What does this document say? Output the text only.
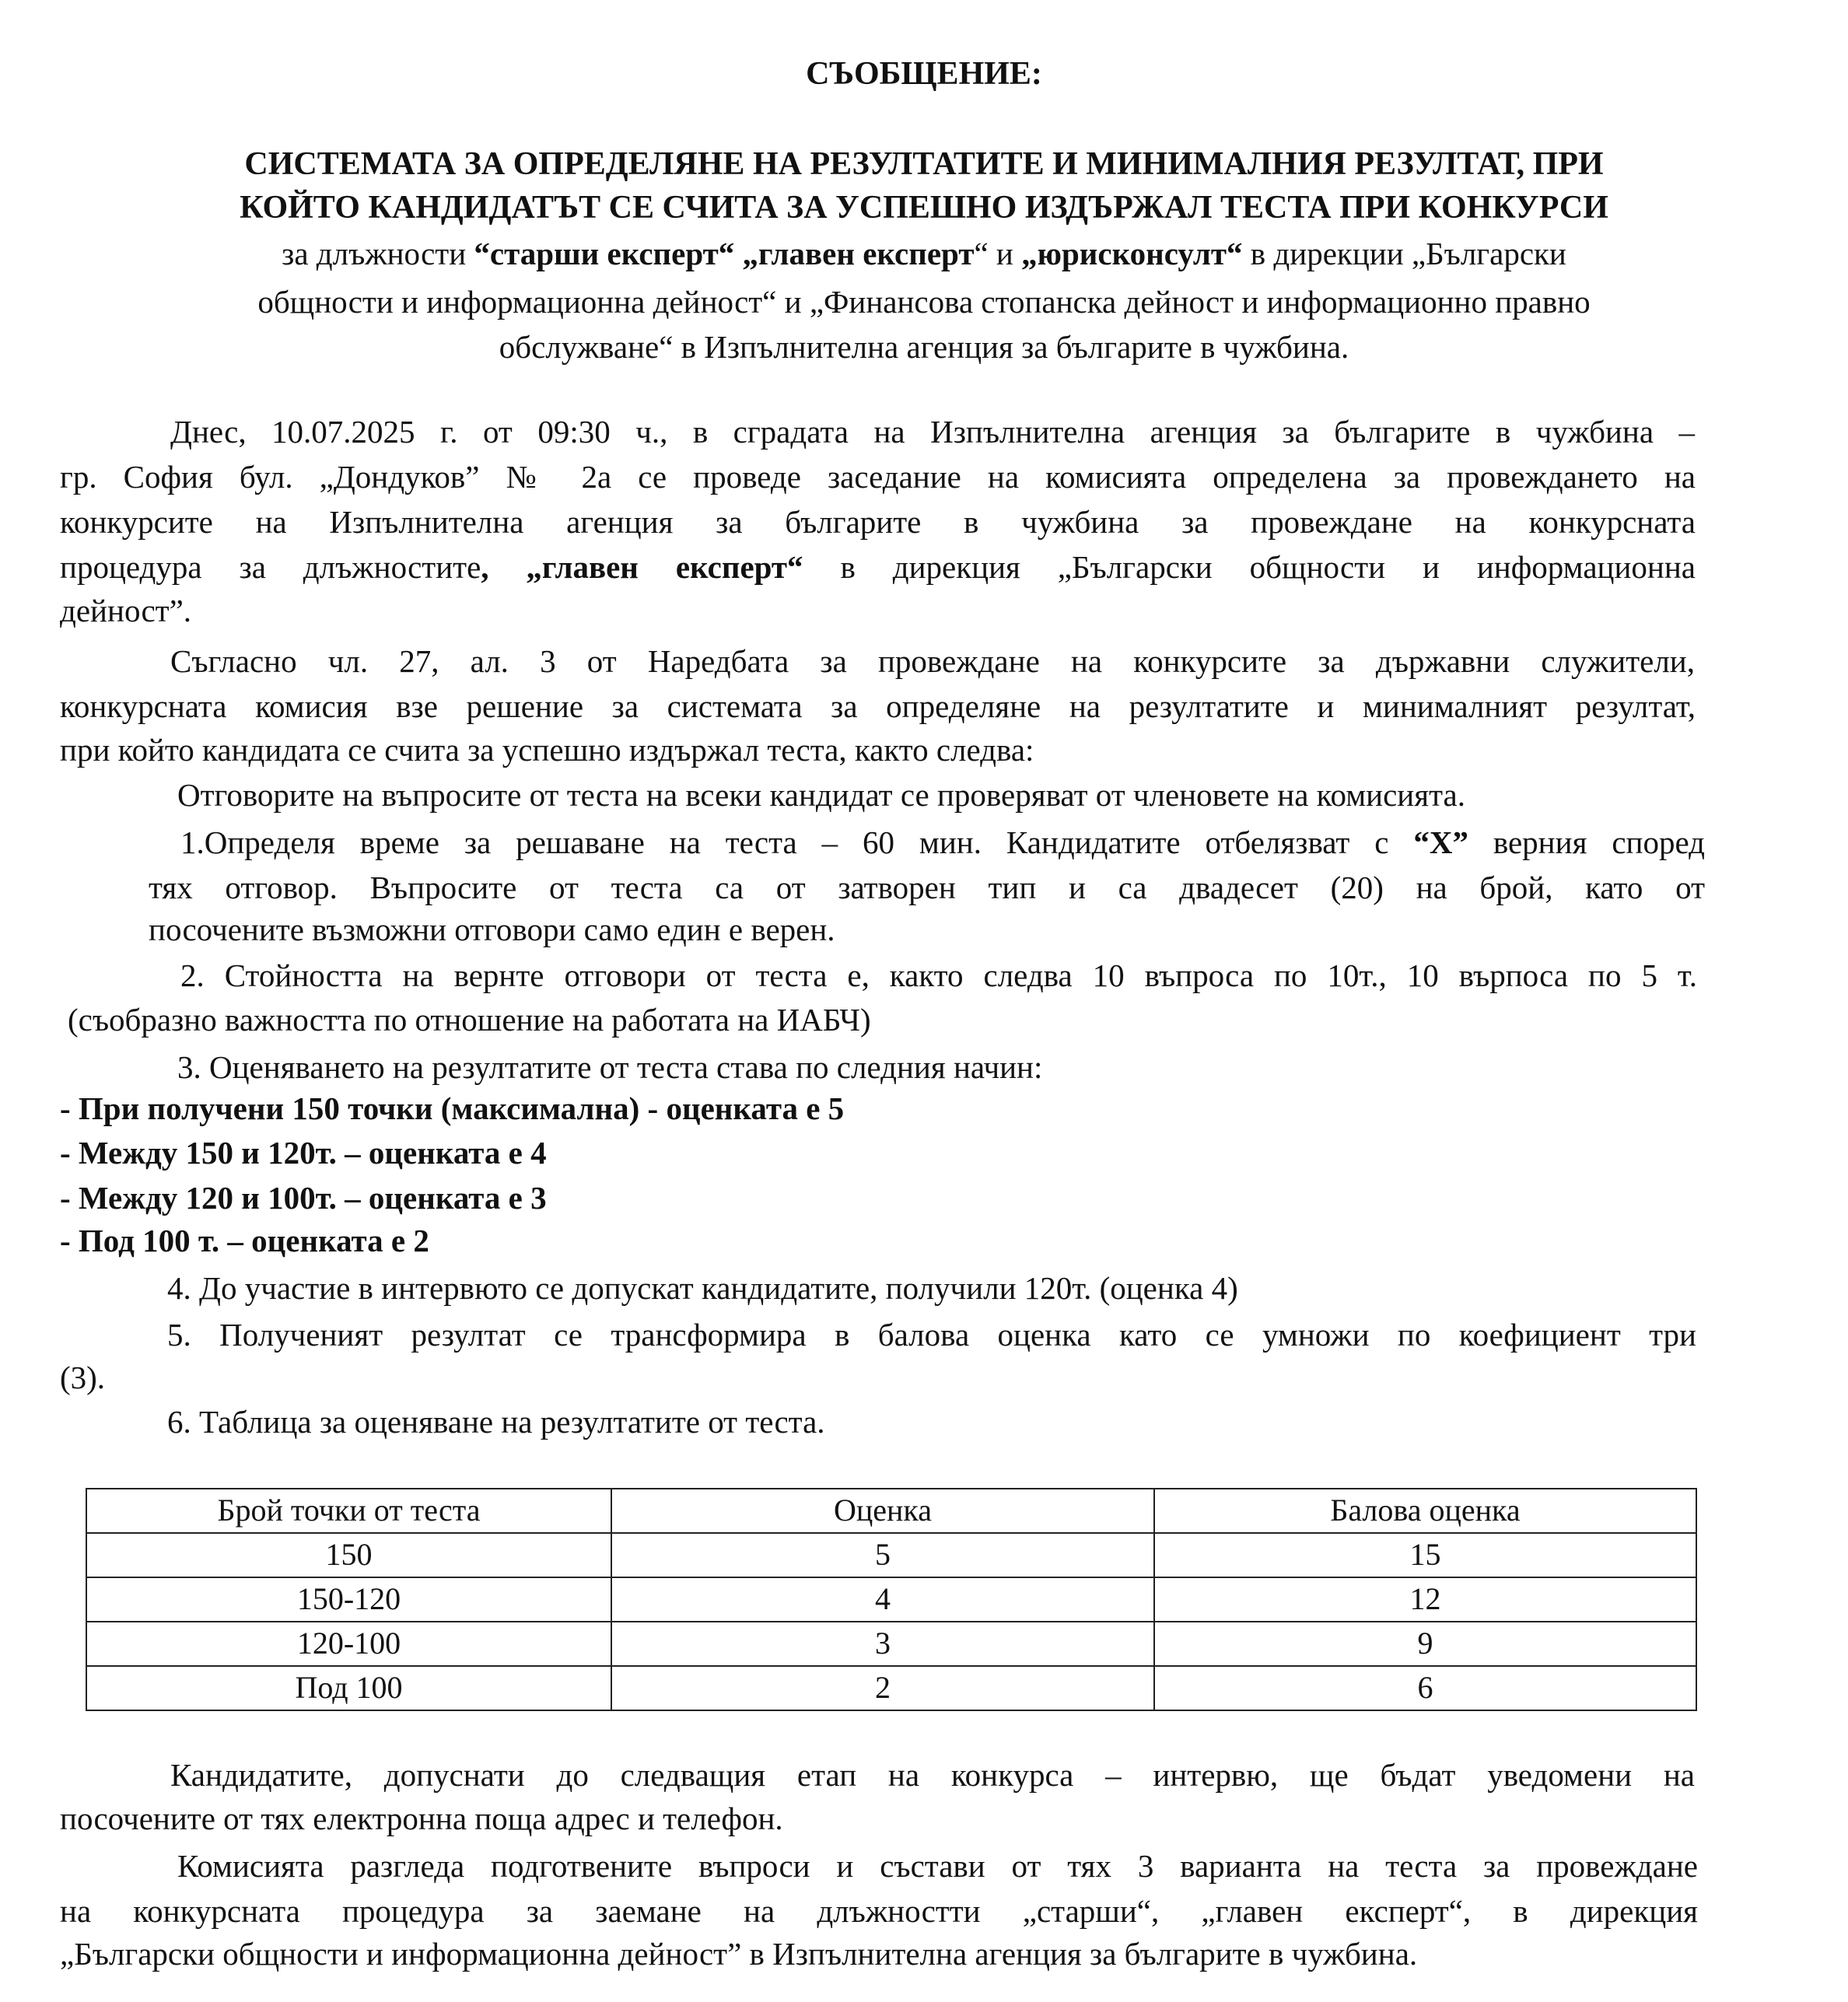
СЪОБЩЕНИЕ:

СИСТЕМАТА ЗА ОПРЕДЕЛЯНЕ НА РЕЗУЛТАТИТЕ И МИНИМАЛНИЯ РЕЗУЛТАТ, ПРИ

КОЙТО КАНДИДАТЪТ СЕ СЧИТА ЗА УСПЕШНО ИЗДЪРЖАЛ ТЕСТА ПРИ КОНКУРСИ

за длъжности “старши експерт“ „главен експерт“ и „юрисконсулт“ в дирекции „Български

общности и информационна дейност“ и „Финансова стопанска дейност и информационно правно

обслужване“ в Изпълнителна агенция за българите в чужбина.

Днес, 10.07.2025 г. от 09:30 ч., в сградата на Изпълнителна агенция за българите в чужбина –

гр. София бул. „Дондуков” № 2а се проведе заседание на комисията определена за провеждането на

конкурсите на Изпълнителна агенция за българите в чужбина за провеждане на конкурсната

процедура за длъжностите, „главен експерт“ в дирекция „Български общности и информационна

дейност”.

Съгласно чл. 27, ал. 3 от Наредбата за провеждане на конкурсите за държавни служители,

конкурсната комисия взе решение за системата за определяне на резултатите и минималният резултат,

при който кандидата се счита за успешно издържал теста, както следва:

Отговорите на въпросите от теста на всеки кандидат се проверяват от членовете на комисията.

1.Определя време за решаване на теста – 60 мин. Кандидатите отбелязват с “X” верния според

тях отговор. Въпросите от теста са от затворен тип и са двадесет (20) на брой, като от

посочените възможни отговори само един е верен.

2. Стойността на вернте отговори от теста е, както следва 10 въпроса по 10т., 10 върпоса по 5 т.

(съобразно важността по отношение на работата на ИАБЧ)

3. Оценяването на резултатите от теста става по следния начин:

- При получени 150 точки (максимална) - оценката е 5

- Между 150 и 120т. – оценката е 4

- Между 120 и 100т. – оценката е 3

- Под 100 т. – оценката е 2

4. До участие в интервюто се допускат кандидатите, получили 120т. (оценка 4)

5. Полученият резултат се трансформира в балова оценка като се умножи по коефициент три

(3).

6. Таблица за оценяване на резултатите от теста.

Брой точки от теста	Оценка	Балова оценка
150	5	15
150-120	4	12
120-100	3	9
Под 100	2	6

Кандидатите, допуснати до следващия етап на конкурса – интервю, ще бъдат уведомени на

посочените от тях електронна поща адрес и телефон.

Комисията разгледа подготвените въпроси и състави от тях 3 варианта на теста за провеждане

на конкурсната процедура за заемане на длъжностти „старши“, „главен експерт“, в дирекция

„Български общности и информационна дейност” в Изпълнителна агенция за българите в чужбина.
